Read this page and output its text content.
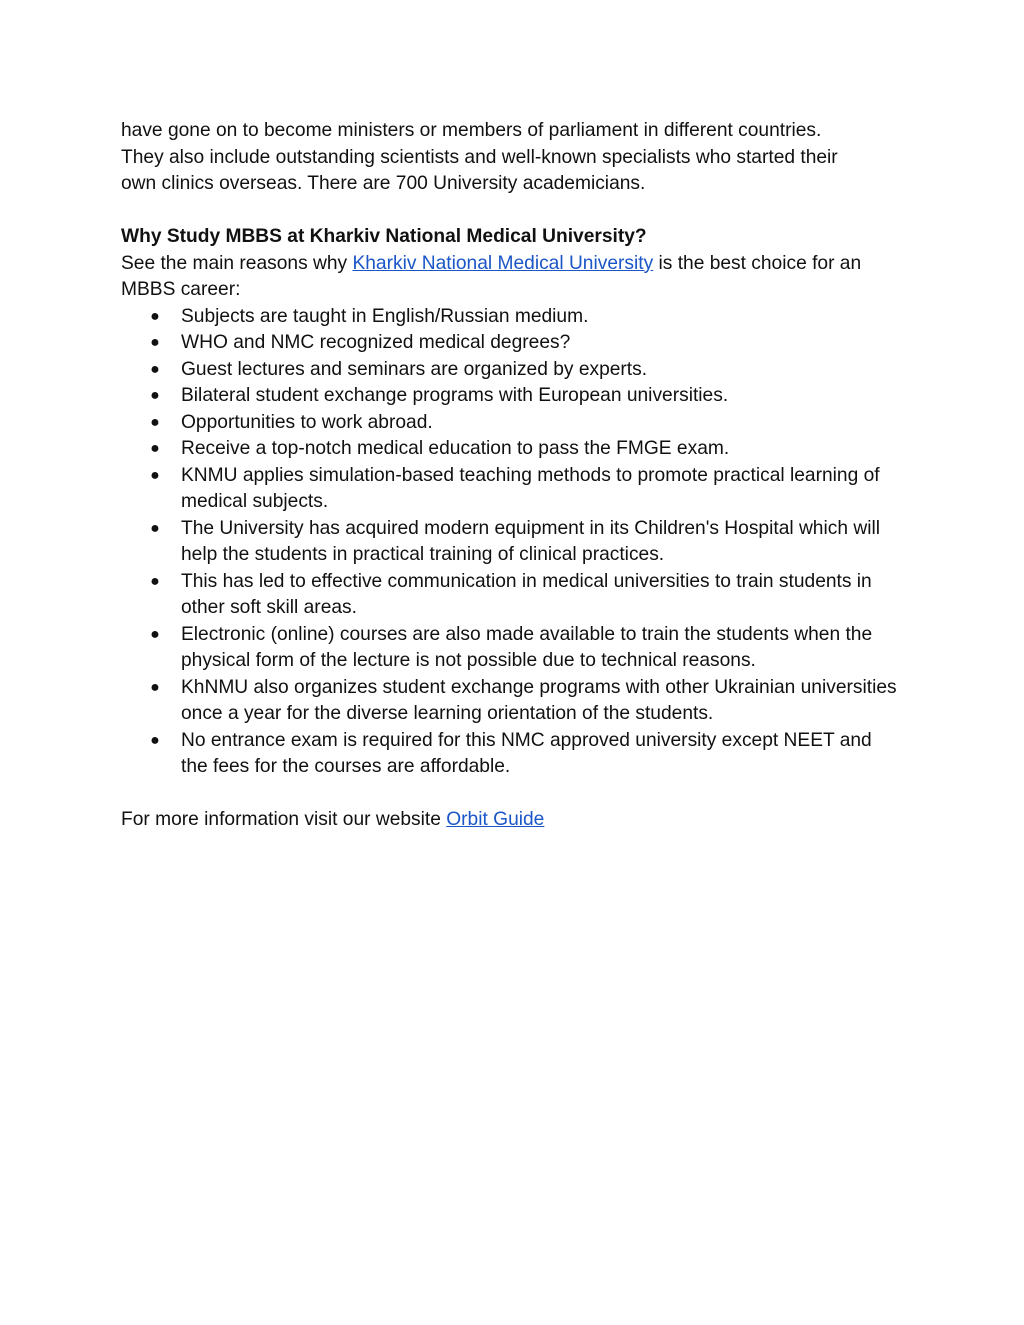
have gone on to become ministers or members of parliament in different countries.

They also include outstanding scientists and well-known specialists who started their

own clinics overseas. There are 700 University academicians.

Why Study MBBS at Kharkiv National Medical University?

See the main reasons why Kharkiv National Medical University is the best choice for an MBBS career:

● Subjects are taught in English/Russian medium.
● WHO and NMC recognized medical degrees?
● Guest lectures and seminars are organized by experts.
● Bilateral student exchange programs with European universities.
● Opportunities to work abroad.
● Receive a top-notch medical education to pass the FMGE exam.
● KNMU applies simulation-based teaching methods to promote practical learning of medical subjects.
● The University has acquired modern equipment in its Children's Hospital which will help the students in practical training of clinical practices.
● This has led to effective communication in medical universities to train students in other soft skill areas.
● Electronic (online) courses are also made available to train the students when the physical form of the lecture is not possible due to technical reasons.
● KhNMU also organizes student exchange programs with other Ukrainian universities once a year for the diverse learning orientation of the students.
● No entrance exam is required for this NMC approved university except NEET and the fees for the courses are affordable.

For more information visit our website Orbit Guide
